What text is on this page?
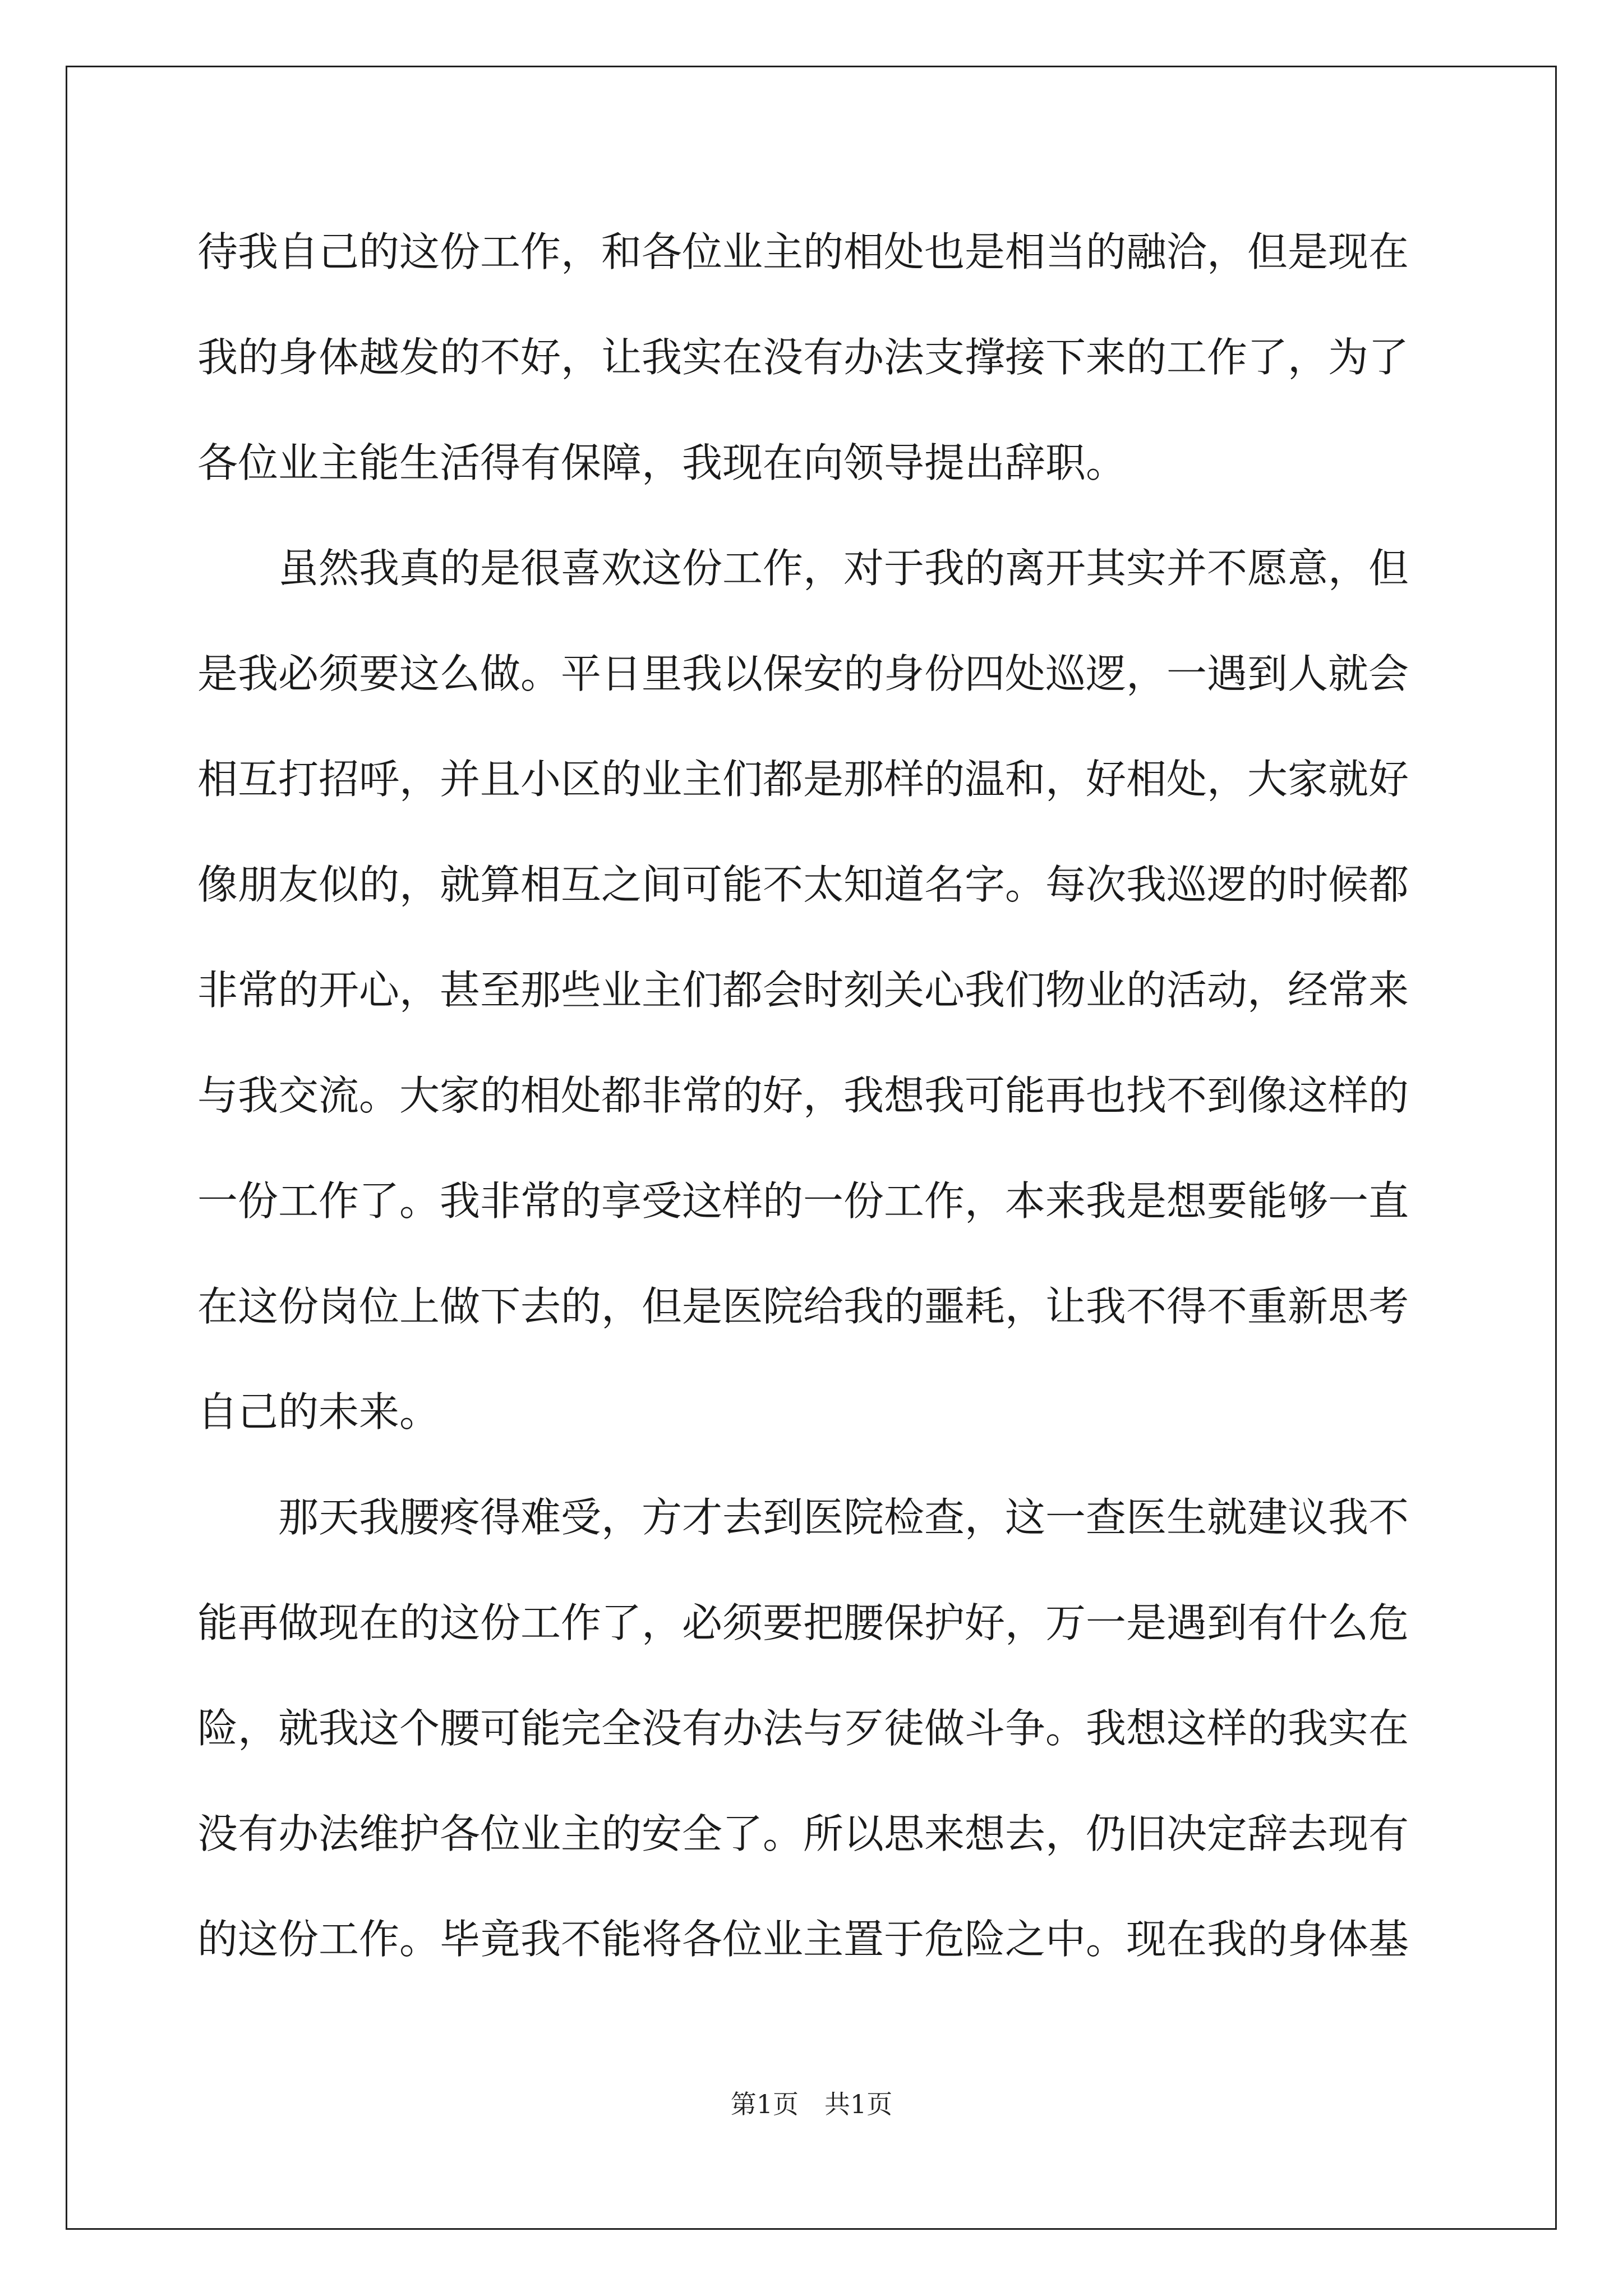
待我自己的这份工作，和各位业主的相处也是相当的融洽，但是现在
我的身体越发的不好，让我实在没有办法支撑接下来的工作了，为了
各位业主能生活得有保障，我现在向领导提出辞职。
　　虽然我真的是很喜欢这份工作，对于我的离开其实并不愿意，但
是我必须要这么做。平日里我以保安的身份四处巡逻，一遇到人就会
相互打招呼，并且小区的业主们都是那样的温和，好相处，大家就好
像朋友似的，就算相互之间可能不太知道名字。每次我巡逻的时候都
非常的开心，甚至那些业主们都会时刻关心我们物业的活动，经常来
与我交流。大家的相处都非常的好，我想我可能再也找不到像这样的
一份工作了。我非常的享受这样的一份工作，本来我是想要能够一直
在这份岗位上做下去的，但是医院给我的噩耗，让我不得不重新思考
自己的未来。
　　那天我腰疼得难受，方才去到医院检查，这一查医生就建议我不
能再做现在的这份工作了，必须要把腰保护好，万一是遇到有什么危
险，就我这个腰可能完全没有办法与歹徒做斗争。我想这样的我实在
没有办法维护各位业主的安全了。所以思来想去，仍旧决定辞去现有
的这份工作。毕竟我不能将各位业主置于危险之中。现在我的身体基
第1页　共1页
